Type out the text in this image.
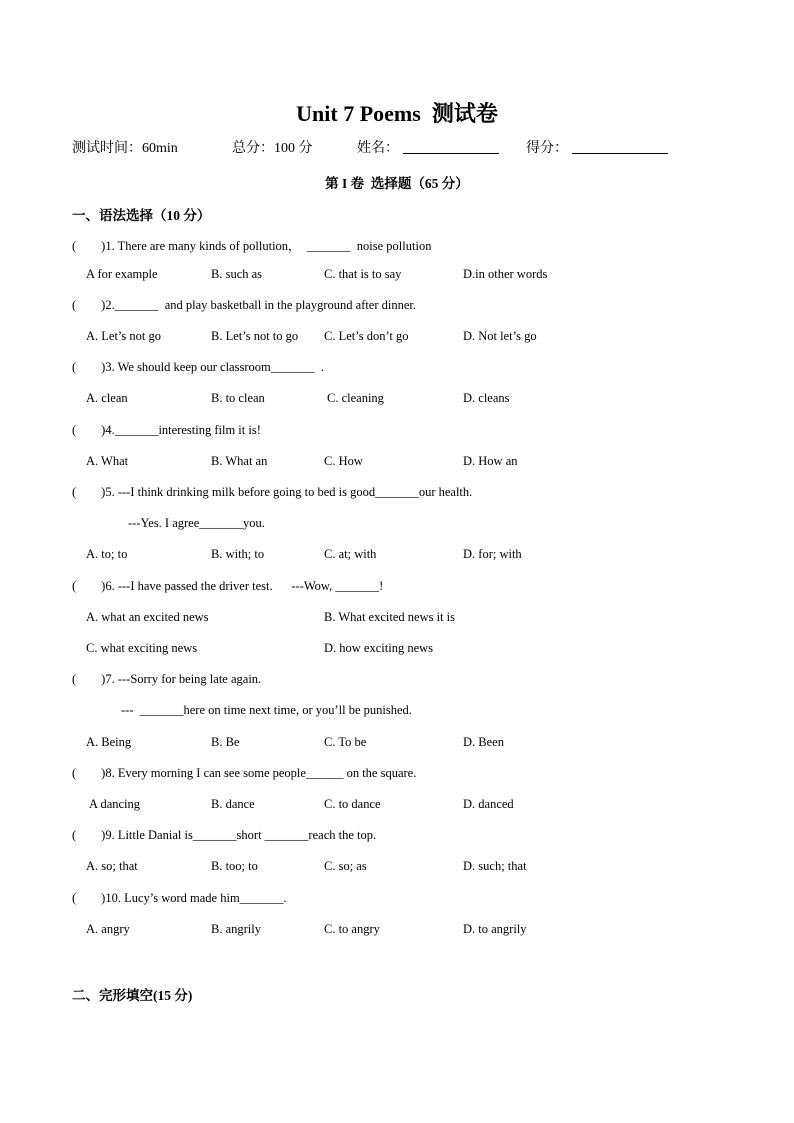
Unit 7 Poems  测试卷
测试时间：60min	总分：100 分	姓名：	得分：
第 I 卷  选择题（65 分）
一、语法选择（10 分）
(        )1. There are many kinds of pollution，  _______  noise pollution
A for example	B. such as	C. that is to say	D.in other words
(        )2._______  and play basketball in the playground after dinner.
A. Let’s not go	B. Let’s not to go C. Let’s don’t go	D. Not let’s go
(        )3. We should keep our classroom_______  .
A. clean	B. to clean	C. cleaning	D. cleans
(        )4._______interesting film it is!
A. What	B. What an	C. How	D. How an
(        )5. ---I think drinking milk before going to bed is good_______our health.
---Yes. I agree_______you.
A. to; to	B. with; to	C. at; with	D. for; with
(        )6. ---I have passed the driver test.      ---Wow, _______!
A. what an excited news	B. What excited news it is
C. what exciting news	D. how exciting news
(        )7. ---Sorry for being late again.
---  _______here on time next time, or you’ll be punished.
A. Being	B. Be	C. To be	D. Been
(        )8. Every morning I can see some people______ on the square.
A dancing	B. dance	C. to dance	D. danced
(        )9. Little Danial is_______short _______reach the top.
A. so; that	B. too; to	C. so; as	D. such; that
(        )10. Lucy’s word made him_______.
A. angry	B. angrily	C. to angry	D. to angrily
二、完形填空(15 分)
